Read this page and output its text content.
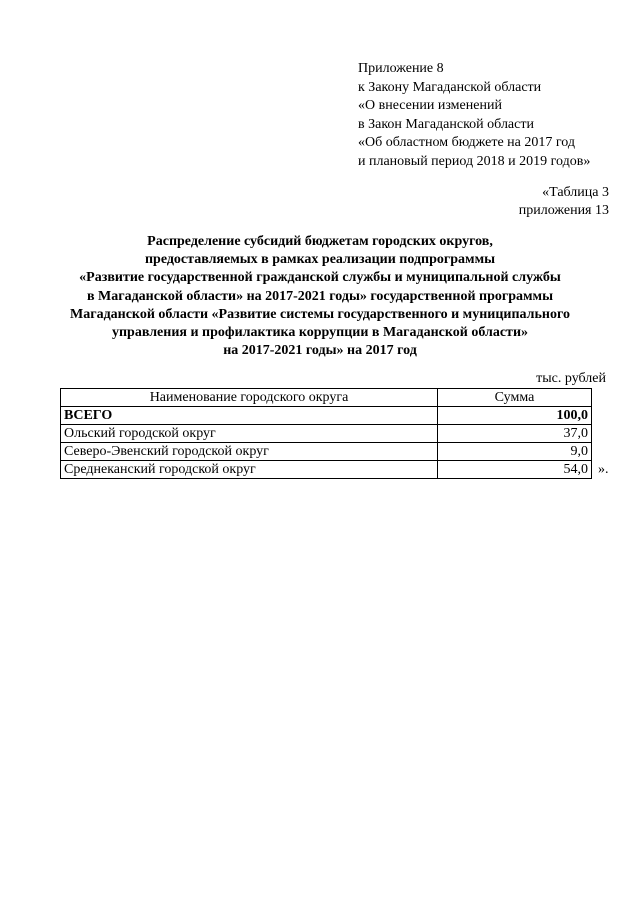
Приложение 8
к Закону Магаданской области
«О внесении изменений
в Закон Магаданской области
«Об областном бюджете на 2017 год
и плановый период 2018 и 2019 годов»
«Таблица 3
приложения 13
Распределение субсидий бюджетам городских округов,
предоставляемых в рамках реализации подпрограммы
«Развитие государственной гражданской службы и муниципальной службы
в Магаданской области» на 2017-2021 годы» государственной программы
Магаданской области «Развитие системы государственного и муниципального
управления и профилактика коррупции в Магаданской области»
на 2017-2021 годы» на 2017 год
тыс. рублей
Наименование городского округа	Сумма
ВСЕГО	100,0
Ольский городской округ	37,0
Северо-Эвенский городской округ	9,0
Среднеканский городской округ	54,0 ».
